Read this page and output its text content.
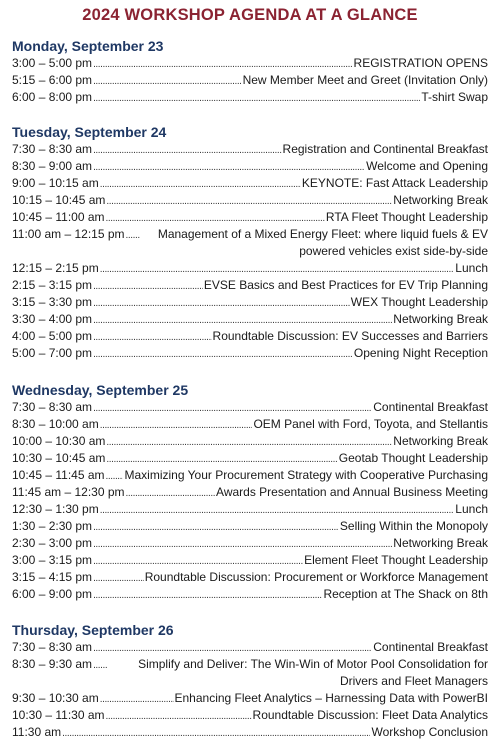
2024 WORKSHOP AGENDA AT A GLANCE
Monday, September 23
3:00 – 5:00 pm . . .	REGISTRATION OPENS
5:15 – 6:00 pm . . .	New Member Meet and Greet (Invitation Only)
6:00 – 8:00 pm . . .	T-shirt Swap
Tuesday, September 24
7:30 – 8:30 am . . .	Registration and Continental Breakfast
8:30 – 9:00 am . . .	Welcome and Opening
9:00 – 10:15 am . . .	KEYNOTE: Fast Attack Leadership
10:15 – 10:45 am . . .	Networking Break
10:45 – 11:00 am . . .	RTA Fleet Thought Leadership
11:00 am – 12:15 pm . . .	Management of a Mixed Energy Fleet: where liquid fuels & EV powered vehicles exist side-by-side
12:15 – 2:15 pm . . .	Lunch
2:15 – 3:15 pm . . .	EVSE Basics and Best Practices for EV Trip Planning
3:15 – 3:30 pm . . .	WEX Thought Leadership
3:30 – 4:00 pm . . .	Networking Break
4:00 – 5:00 pm . . .	Roundtable Discussion: EV Successes and Barriers
5:00 – 7:00 pm . . .	Opening Night Reception
Wednesday, September 25
7:30 – 8:30 am . . .	Continental Breakfast
8:30 – 10:00 am . . .	OEM Panel with Ford, Toyota, and Stellantis
10:00 – 10:30 am . . .	Networking Break
10:30 – 10:45 am . . .	Geotab Thought Leadership
10:45 – 11:45 am . . . Maximizing Your Procurement Strategy with Cooperative Purchasing
11:45 am – 12:30 pm . . .	Awards Presentation and Annual Business Meeting
12:30 – 1:30 pm . . .	Lunch
1:30 – 2:30 pm . . .	Selling Within the Monopoly
2:30 – 3:00 pm . . .	Networking Break
3:00 – 3:15 pm . . .	Element Fleet Thought Leadership
3:15 – 4:15 pm . . .	Roundtable Discussion: Procurement or Workforce Management
6:00 – 9:00 pm . . .	Reception at The Shack on 8th
Thursday, September 26
7:30 – 8:30 am . . .	Continental Breakfast
8:30 – 9:30 am . . .	Simplify and Deliver: The Win-Win of Motor Pool Consolidation for Drivers and Fleet Managers
9:30 – 10:30 am . . .	Enhancing Fleet Analytics – Harnessing Data with PowerBI
10:30 – 11:30 am . . .	Roundtable Discussion: Fleet Data Analytics
11:30 am . . .	Workshop Conclusion
